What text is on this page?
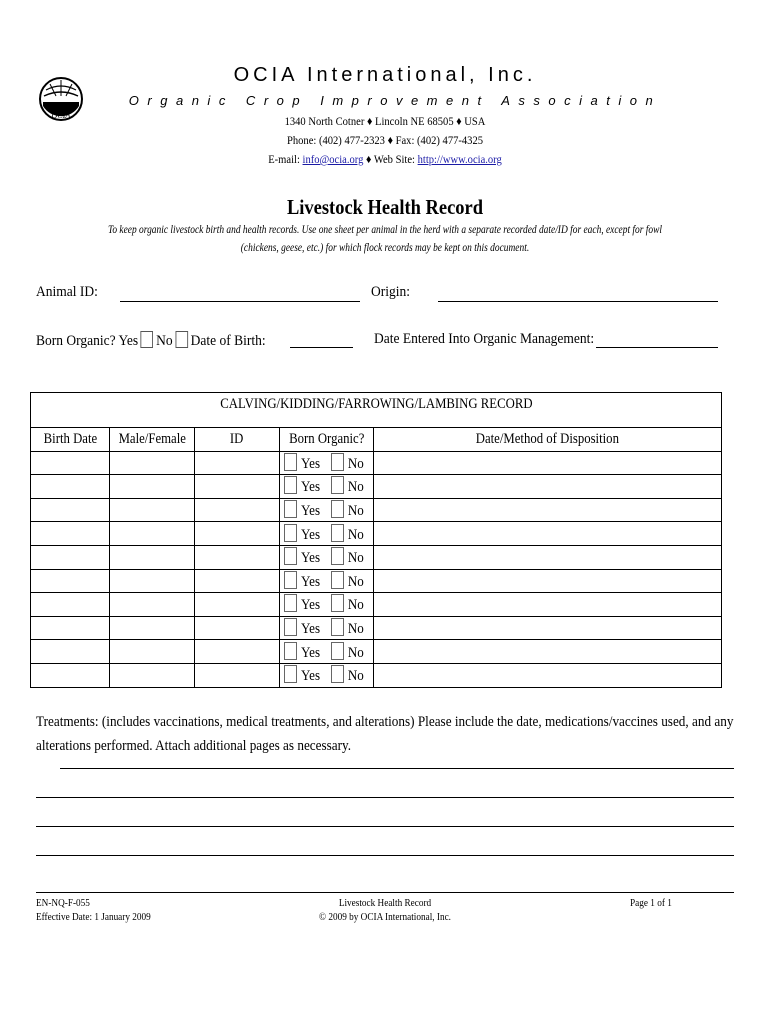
OCIA
OCIA International, Inc.
Organic Crop Improvement Association
1340 North Cotner ♦ Lincoln NE 68505 ♦ USA
Phone: (402) 477-2323 ♦ Fax: (402) 477-4325
E-mail: info@ocia.org ♦ Web Site: http://www.ocia.org
Livestock Health Record
To keep organic livestock birth and health records. Use one sheet per animal in the herd with a separate recorded date/ID for each, except for fowl
(chickens, geese, etc.) for which flock records may be kept on this document.
Animal ID:	Origin:
Born Organic? Yes No Date of Birth:	Date Entered Into Organic Management:
CALVING/KIDDING/FARROWING/LAMBING RECORD				
Birth Date	Male/Female	ID	Born Organic?	Date/Method of Disposition
			Yes No	
			Yes No	
			Yes No	
			Yes No	
			Yes No	
			Yes No	
			Yes No	
			Yes No	
			Yes No	
			Yes No	
Treatments: (includes vaccinations, medical treatments, and alterations) Please include the date, medications/vaccines used, and any alterations performed. Attach additional pages as necessary.
EN-NQ-F-055
Effective Date: 1 January 2009
Livestock Health Record
© 2009 by OCIA International, Inc.
Page 1 of 1
